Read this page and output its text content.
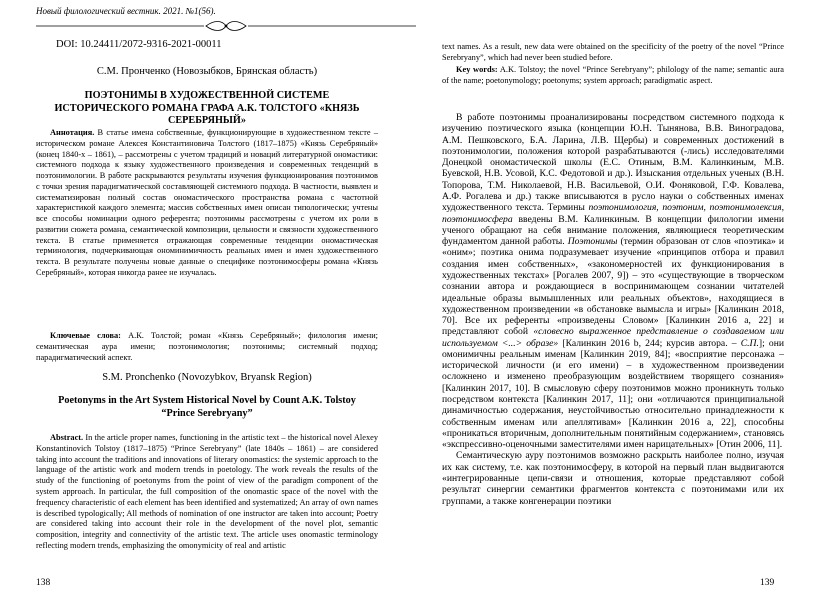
Новый филологический вестник. 2021. №1(56).
DOI: 10.24411/2072-9316-2021-00011
С.М. Пронченко (Новозыбков, Брянская область)
ПОЭТОНИМЫ В ХУДОЖЕСТВЕННОЙ СИСТЕМЕ ИСТОРИЧЕСКОГО РОМАНА ГРАФА А.К. ТОЛСТОГО «КНЯЗЬ СЕРЕБРЯНЫЙ»

Аннотация. В статье имена собственные, функционирующие в художественном тексте – историческом романе Алексея Константиновича Толстого (1817–1875) «Князь Серебряный» (конец 1840-х – 1861), – рассмотрены с учетом традиций и новаций литературной ономастики: системного подхода к языку художественного произведения и современных тенденций в поэтонимологии. В работе раскрываются результаты изучения функционирования поэтонимов с точки зрения парадигматической составляющей системного подхода. В частности, выявлен и систематизирован полный состав ономастического пространства романа с частотной характеристикой каждого элемента; массив собственных имен описан типологически; учтены все способы номинации одного референта; поэтонимы рассмотрены с учетом их роли в развитии сюжета романа, семантической композиции, цельности и связности художественного текста. В статье применяется отражающая современные тенденции ономастическая терминология, подчеркивающая ономинимичность реальных имен и имен художественного текста. В результате получены новые данные о специфике поэтонимосферы романа «Князь Серебряный», которая никогда ранее не изучалась.

Ключевые слова: А.К. Толстой; роман «Князь Серебряный»; филология имени; семантическая аура имени; поэтонимология; поэтонимы; системный подход; парадигматический аспект.

S.M. Pronchenko (Novozybkov, Bryansk Region)
Poetonyms in the Art System Historical Novel by Count A.K. Tolstoy
“Prince Serebryany”

Abstract. In the article proper names, functioning in the artistic text – the historical novel Alexey Konstantinovich Tolstoy (1817–1875) “Prince Serebryany” (late 1840s – 1861) – are considered taking into account the traditions and innovations of literary onomastics: the systemic approach to the language of the artistic work and modern trends in poetology. The work reveals the results of the study of the functioning of poetonyms from the point of view of the paradigm component of the system approach. In particular, the full composition of the onomastic space of the novel with the frequency characteristic of each element has been identified and systematized; An array of own names is described typologically; All methods of nomination of one instructor are taken into account; Poetry are considered taking into account their role in the development of the novel plot, semantic composition, integrity and connectivity of the artistic text. The article uses onomastic terminology reflecting modern trends, emphasizing the omonymicity of real and artistic

138

text names. As a result, new data were obtained on the specificity of the poetry of the novel “Prince Serebryany”, which had never been studied before.

Key words: A.K. Tolstoy; the novel “Prince Serebryany”; philology of the name; semantic aura of the name; poetonymology; poetonyms; system approach; paradigmatic aspect.

В работе поэтонимы проанализированы посредством системного подхода к изучению поэтического языка (концепции Ю.Н. Тынянова, В.В. Виноградова, А.М. Пешковского, Б.А. Ларина, Л.В. Щербы) и современных достижений в поэтонимологии, положения которой разрабатываются (-лись) исследователями Донецкой ономастической школы (Е.С. Отиным, В.М. Калинкиным, М.В. Буевской, Н.В. Усовой, К.С. Федотовой и др.). Изыскания отдельных ученых (В.Н. Топорова, Т.М. Николаевой, Н.В. Васильевой, О.И. Фоняковой, Г.Ф. Ковалева, А.Ф. Рогалева и др.) также вписываются в русло науки о собственных именах художественного текста. Термины поэтонимология, поэтоним, поэтонимолексия, поэтонимосфера введены В.М. Калинкиным. В концепции филологии имени ученого обращают на себя внимание положения, являющиеся теоретическим фундаментом данной работы. Поэтонимы (термин образован от слов «поэтика» и «оним»; поэтика онима подразумевает изучение «принципов отбора и правил создания имен собственных», «закономерностей их функционирования в художественных текстах» [Рогалев 2007, 9]) – это «существующие в творческом сознании автора и рождающиеся в воспринимающем сознании читателей идеальные образы вымышленных или реальных объектов», находящиеся в художественном произведении «в обстановке вымысла и игры» [Калинкин 2018, 70]. Все их референты «произведены Словом» [Калинкин 2016 а, 22] и представляют собой «словесно выраженное представление о создаваемом или используемом <...> образе» [Калинкин 2016 b, 244; курсив автора. – С.П.]; они омонимичны реальным именам [Калинкин 2019, 84]; «восприятие персонажа – исторической личности (и его имени) – в художественном произведении осложнено и изменено преобразующим воздействием творящего сознания» [Калинкин 2017, 10]. В смысловую сферу поэтонимов можно проникнуть только посредством контекста [Калинкин 2017, 11]; они «отличаются принципиальной динамичностью содержания, неустойчивостью относительно принадлежности к собственным именам или апеллятивам» [Калинкин 2016 а, 22], способны «проникаться вторичным, дополнительным понятийным содержанием», становясь «экспрессивно-оценочными заместителями имен нарицательных» [Отин 2006, 11].

Семантическую ауру поэтонимов возможно раскрыть наиболее полно, изучая их как систему, т.е. как поэтонимосферу, в которой на первый план выдвигаются «интегрированные цепи-связи и отношения, которые представляют собой результат синергии семантики фрагментов контекста с поэтонимами или их группами, а также конгенерации поэтики

139
